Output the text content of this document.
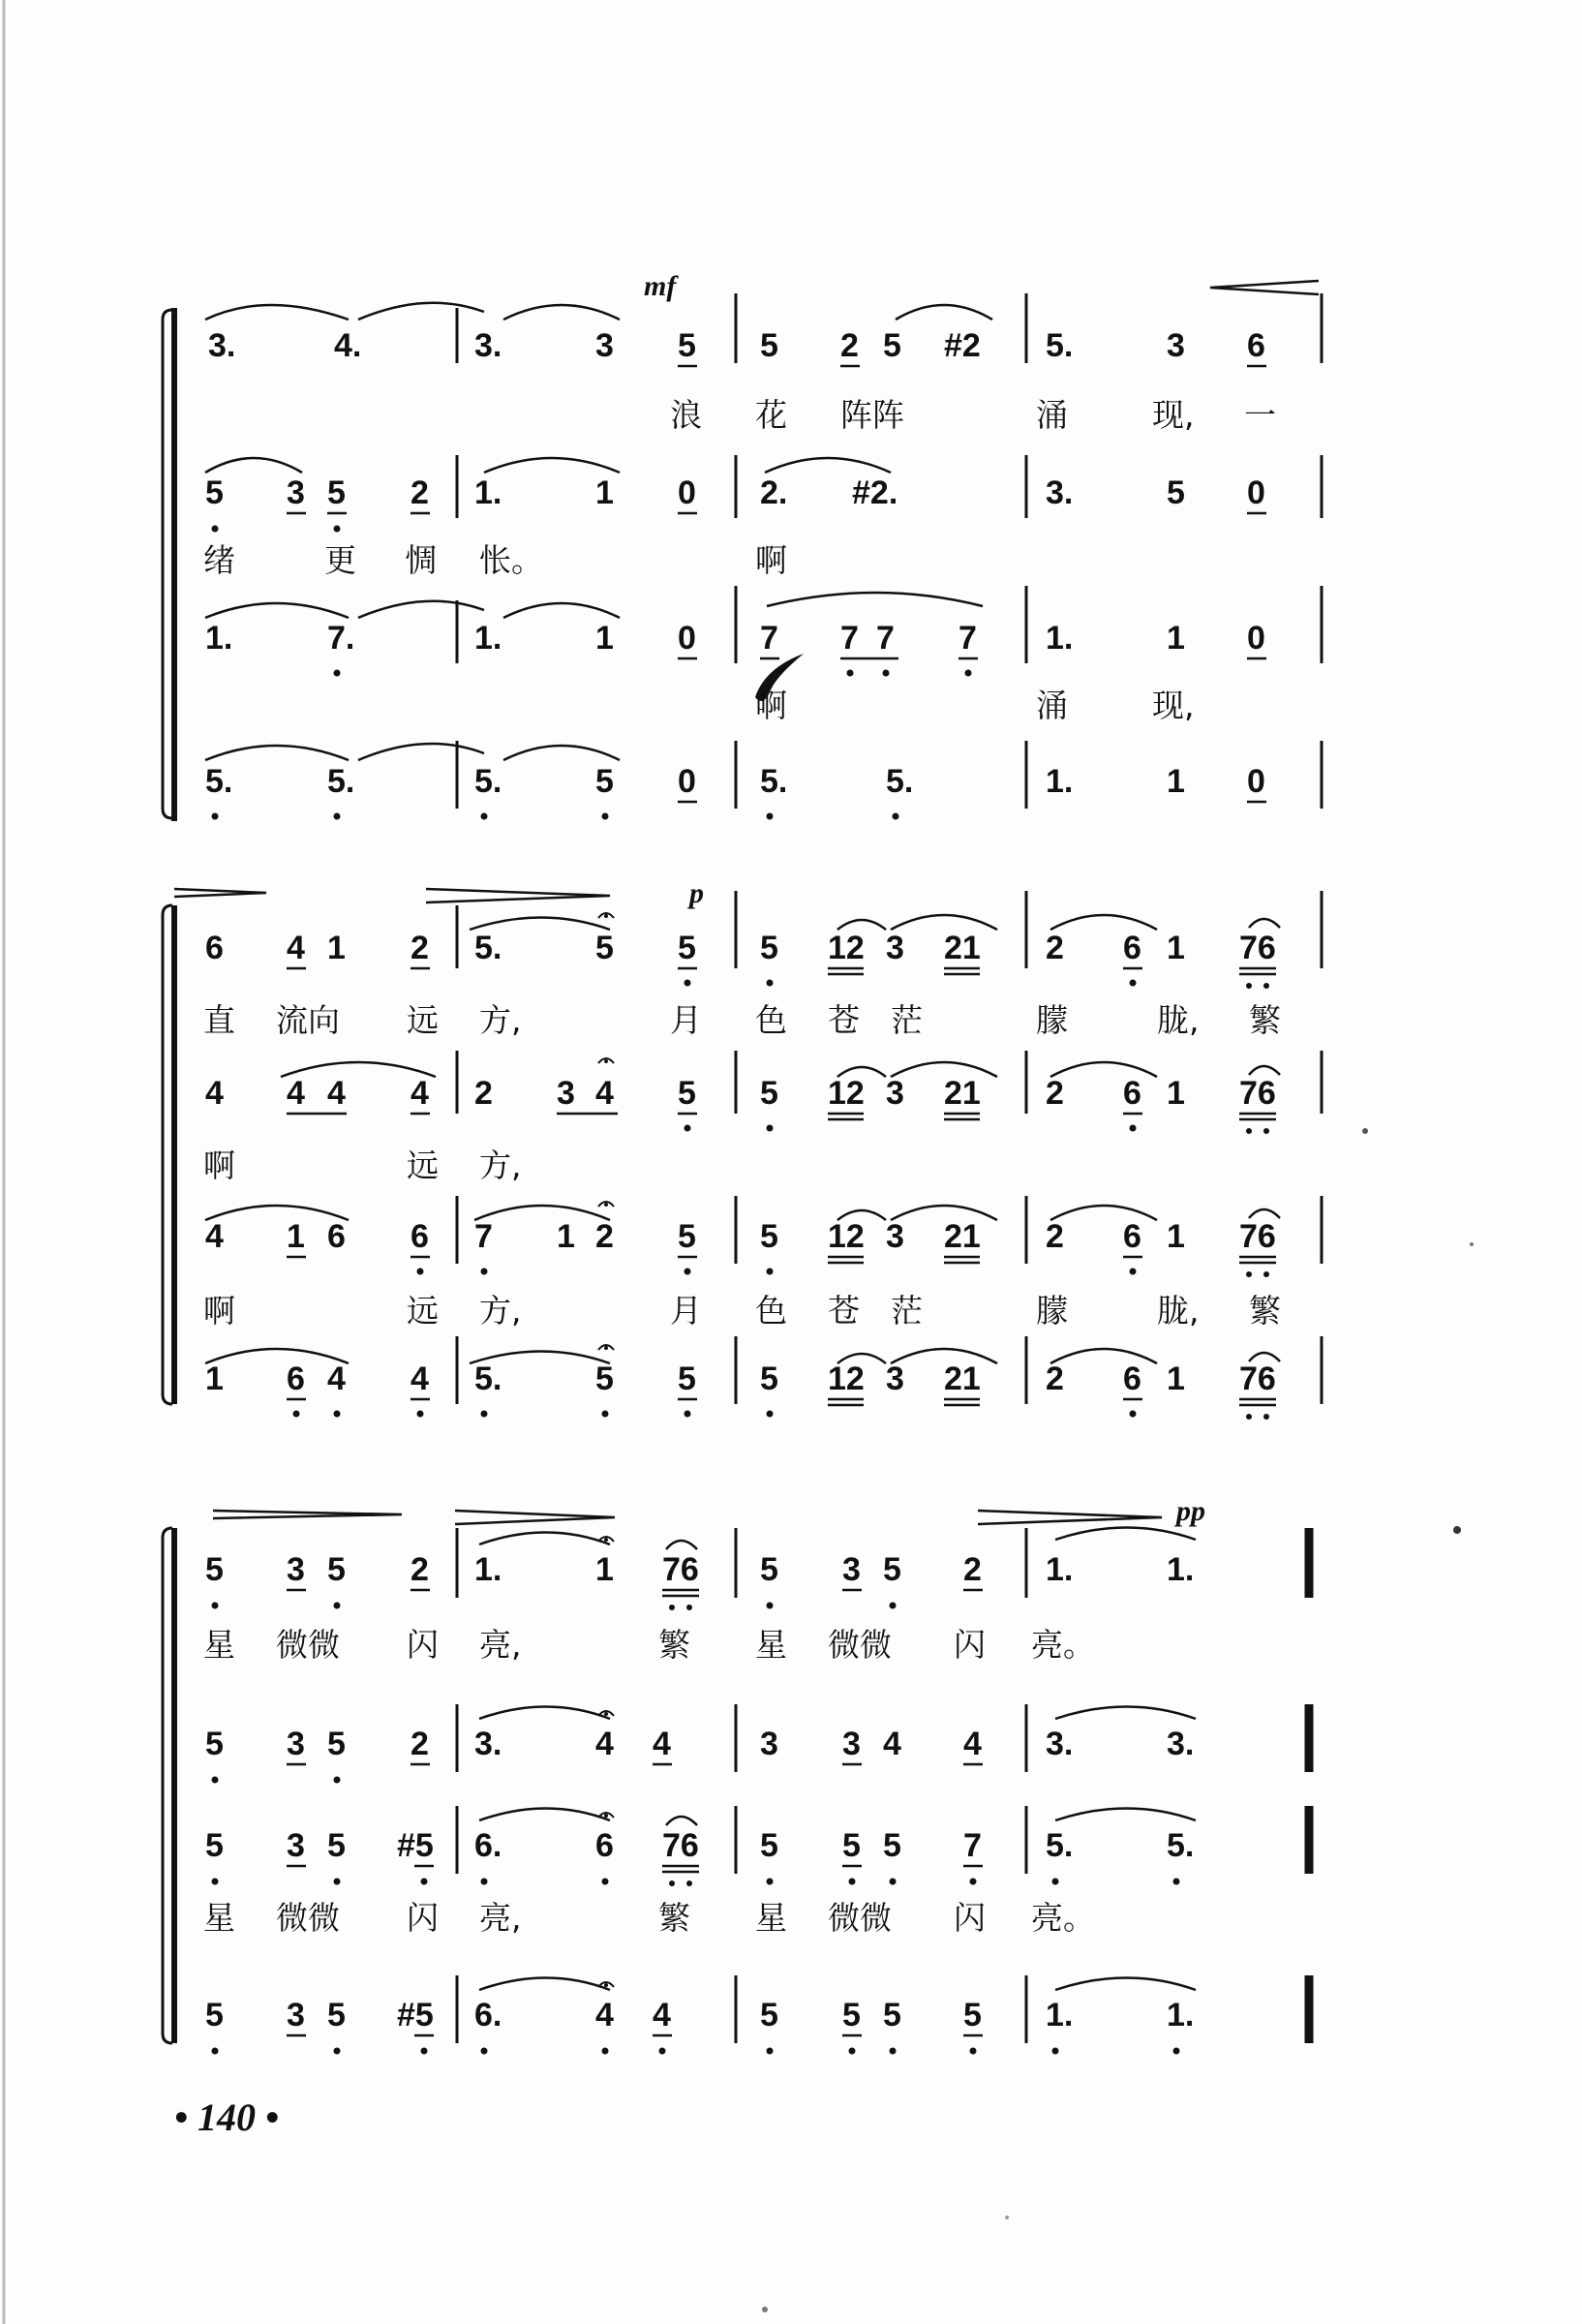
mf
3.	4.	3.	3 5 5 2 5 #2 5.	3 6
浪 花 阵阵	涌	现, 一
5 3 5 2 1.	1 0 2. #2.	3.	5 0
绪	更 惆 怅。	啊
1.	7.	1.	1 0 7 7 7 7 1.	1 0
啊	涌	现,
5.	5.	5.	5 0 5.	5.	1.	1 0
p
6 4 1 2 5.	5 5 5 12 3 21 2 6 1 76
直 流向 远 方,	月 色 苍 茫	朦	胧, 繁
4 4 4 4 2 3 4 5 5 12 3 21 2 6 1 76
啊	远 方,
4 1 6 6 7 1 2 5 5 12 3 21 2 6 1 76
啊	远 方,	月 色 苍 茫	朦	胧, 繁
1 6 4 4 5.	5 5 5 12 3 21 2 6 1 76
pp
5 3 5 2 1.	1 76 5 3 5 2 1.	1.
星 微微 闪 亮,	繁 星 微微 闪 亮。
5 3 5 2 3.	4 4	3 3 4 4 3.	3.
5 3 5 #5 6.	6 76 5 5 5 7 5.	5.
星 微微 闪 亮,	繁 星 微微 闪 亮。
5 3 5 #5 6.	4 4	5 5 5 5 1.	1.
• 140 •
